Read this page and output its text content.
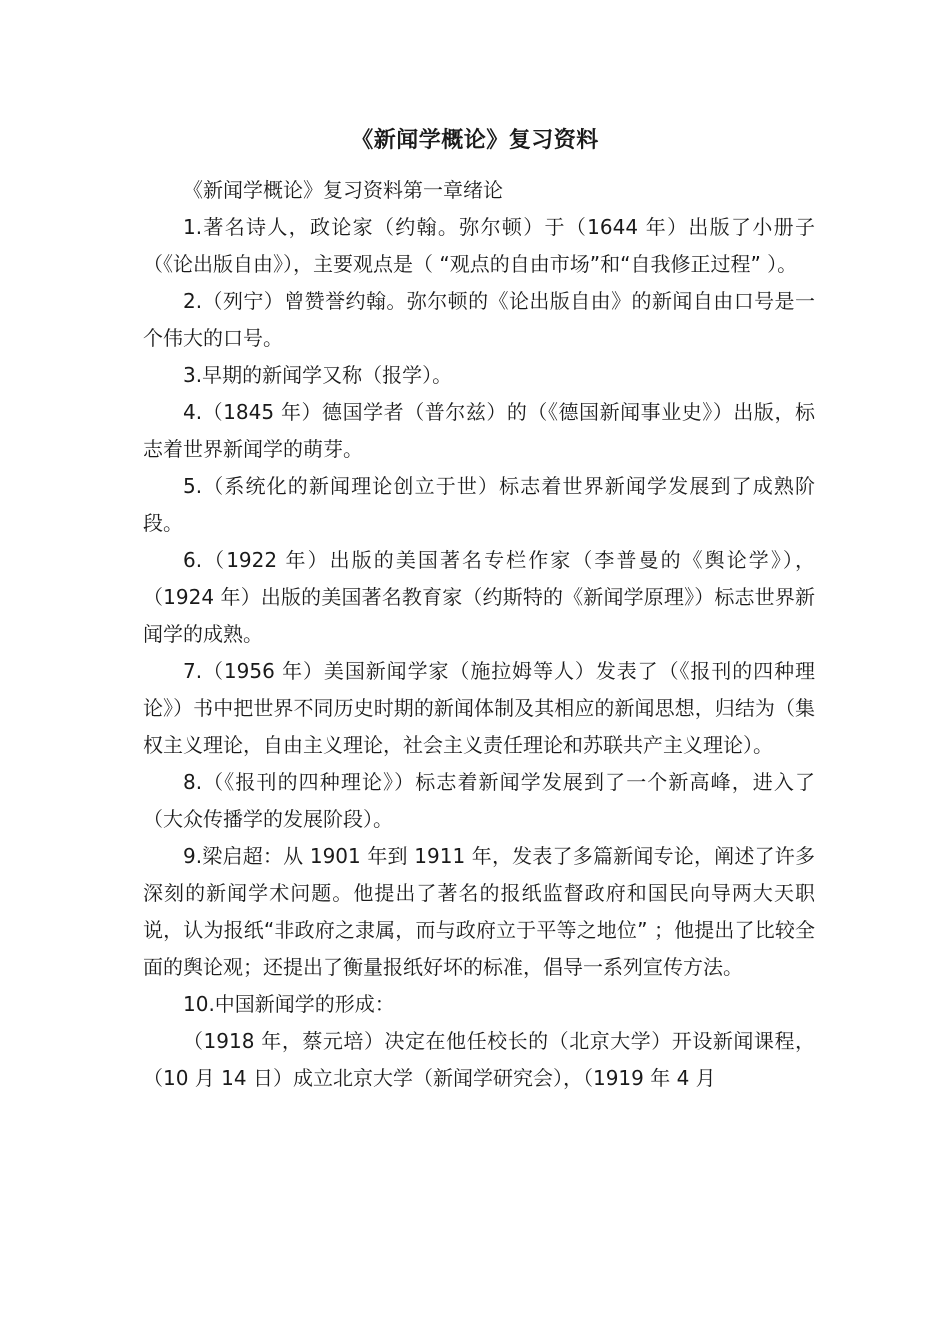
《新闻学概论》复习资料

《新闻学概论》复习资料第一章绪论

1.著名诗人，政论家（约翰。弥尔顿）于（1644 年）出版了小册子（《论出版自由》），主要观点是（ “观点的自由市场”和“自我修正过程” ）。

2.（列宁）曾赞誉约翰。弥尔顿的《论出版自由》的新闻自由口号是一个伟大的口号。

3.早期的新闻学又称（报学）。

4.（1845 年）德国学者（普尔兹）的（《德国新闻事业史》）出版，标志着世界新闻学的萌芽。

5.（系统化的新闻理论创立于世）标志着世界新闻学发展到了成熟阶段。

6.（1922 年）出版的美国著名专栏作家（李普曼的《舆论学》），（1924 年）出版的美国著名教育家（约斯特的《新闻学原理》）标志世界新闻学的成熟。

7.（1956 年）美国新闻学家（施拉姆等人）发表了（《报刊的四种理论》）书中把世界不同历史时期的新闻体制及其相应的新闻思想，归结为（集权主义理论，自由主义理论，社会主义责任理论和苏联共产主义理论）。

8.（《报刊的四种理论》）标志着新闻学发展到了一个新高峰，进入了（大众传播学的发展阶段）。

9.梁启超：从 1901 年到 1911 年，发表了多篇新闻专论，阐述了许多深刻的新闻学术问题。他提出了著名的报纸监督政府和国民向导两大天职说，认为报纸“非政府之隶属，而与政府立于平等之地位” ；他提出了比较全面的舆论观；还提出了衡量报纸好坏的标准，倡导一系列宣传方法。

10.中国新闻学的形成：

（1918 年，蔡元培）决定在他任校长的（北京大学）开设新闻课程，（10 月 14 日）成立北京大学（新闻学研究会），（1919 年 4 月
